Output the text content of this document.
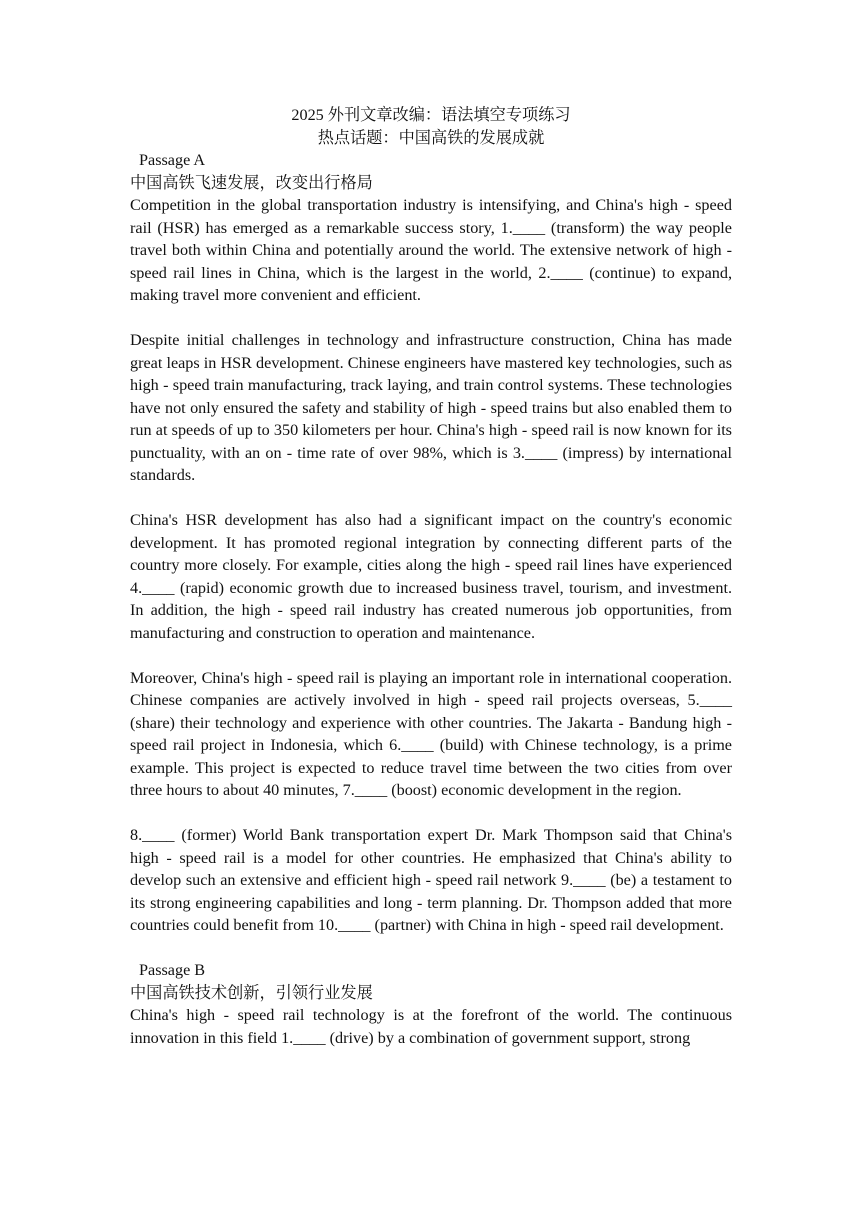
2025 外刊文章改编：语法填空专项练习

热点话题：中国高铁的发展成就

Passage A

中国高铁飞速发展，改变出行格局

Competition in the global transportation industry is intensifying, and China's high - speed rail (HSR) has emerged as a remarkable success story, 1.____ (transform) the way people travel both within China and potentially around the world. The extensive network of high - speed rail lines in China, which is the largest in the world, 2.____ (continue) to expand, making travel more convenient and efficient.

Despite initial challenges in technology and infrastructure construction, China has made great leaps in HSR development. Chinese engineers have mastered key technologies, such as high - speed train manufacturing, track laying, and train control systems. These technologies have not only ensured the safety and stability of high - speed trains but also enabled them to run at speeds of up to 350 kilometers per hour. China's high - speed rail is now known for its punctuality, with an on - time rate of over 98%, which is 3.____ (impress) by international standards.

China's HSR development has also had a significant impact on the country's economic development. It has promoted regional integration by connecting different parts of the country more closely. For example, cities along the high - speed rail lines have experienced 4.____ (rapid) economic growth due to increased business travel, tourism, and investment. In addition, the high - speed rail industry has created numerous job opportunities, from manufacturing and construction to operation and maintenance.

Moreover, China's high - speed rail is playing an important role in international cooperation. Chinese companies are actively involved in high - speed rail projects overseas, 5.____ (share) their technology and experience with other countries. The Jakarta - Bandung high - speed rail project in Indonesia, which 6.____ (build) with Chinese technology, is a prime example. This project is expected to reduce travel time between the two cities from over three hours to about 40 minutes, 7.____ (boost) economic development in the region.

8.____ (former) World Bank transportation expert Dr. Mark Thompson said that China's high - speed rail is a model for other countries. He emphasized that China's ability to develop such an extensive and efficient high - speed rail network 9.____ (be) a testament to its strong engineering capabilities and long - term planning. Dr. Thompson added that more countries could benefit from 10.____ (partner) with China in high - speed rail development.

Passage B

中国高铁技术创新，引领行业发展

China's high - speed rail technology is at the forefront of the world. The continuous innovation in this field 1.____ (drive) by a combination of government support, strong
